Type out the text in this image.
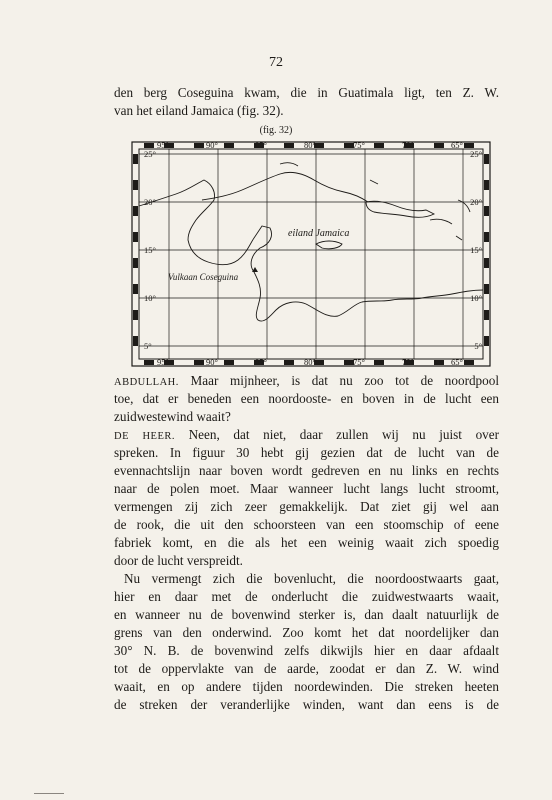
72
den berg Coseguina kwam, die in Guatimala ligt, ten Z. W.
van het eiland Jamaica (fig. 32).
(fig. 32)
95°	90°	85°	80°	75°	70°	65°
95°	90°	85°	80°	75°	70°	65°
25°
20°
15°
10°
5°
25°
20°
15°
10°
5°
eiland Jamaica
Vulkaan Coseguina
ABDULLAH. Maar mijnheer, is dat nu zoo tot de noordpool
toe, dat er beneden een noordooste- en boven in de lucht een
zuidwestewind waait?
DE HEER. Neen, dat niet, daar zullen wij nu juist over
spreken. In figuur 30 hebt gij gezien dat de lucht van de
evennachtslijn naar boven wordt gedreven en nu links en rechts
naar de polen moet. Maar wanneer lucht langs lucht stroomt,
vermengen zij zich zeer gemakkelijk. Dat ziet gij wel aan
de rook, die uit den schoorsteen van een stoomschip of eene
fabriek komt, en die als het een weinig waait zich spoedig
door de lucht verspreidt.
Nu vermengt zich die bovenlucht, die noordoostwaarts gaat,
hier en daar met de onderlucht die zuidwestwaarts waait,
en wanneer nu de bovenwind sterker is, dan daalt natuurlijk de
grens van den onderwind. Zoo komt het dat noordelijker dan
30° N. B. de bovenwind zelfs dikwijls hier en daar afdaalt
tot de oppervlakte van de aarde, zoodat er dan Z. W. wind
waait, en op andere tijden noordewinden. Die streken heeten
de streken der veranderlijke winden, want dan eens is de
